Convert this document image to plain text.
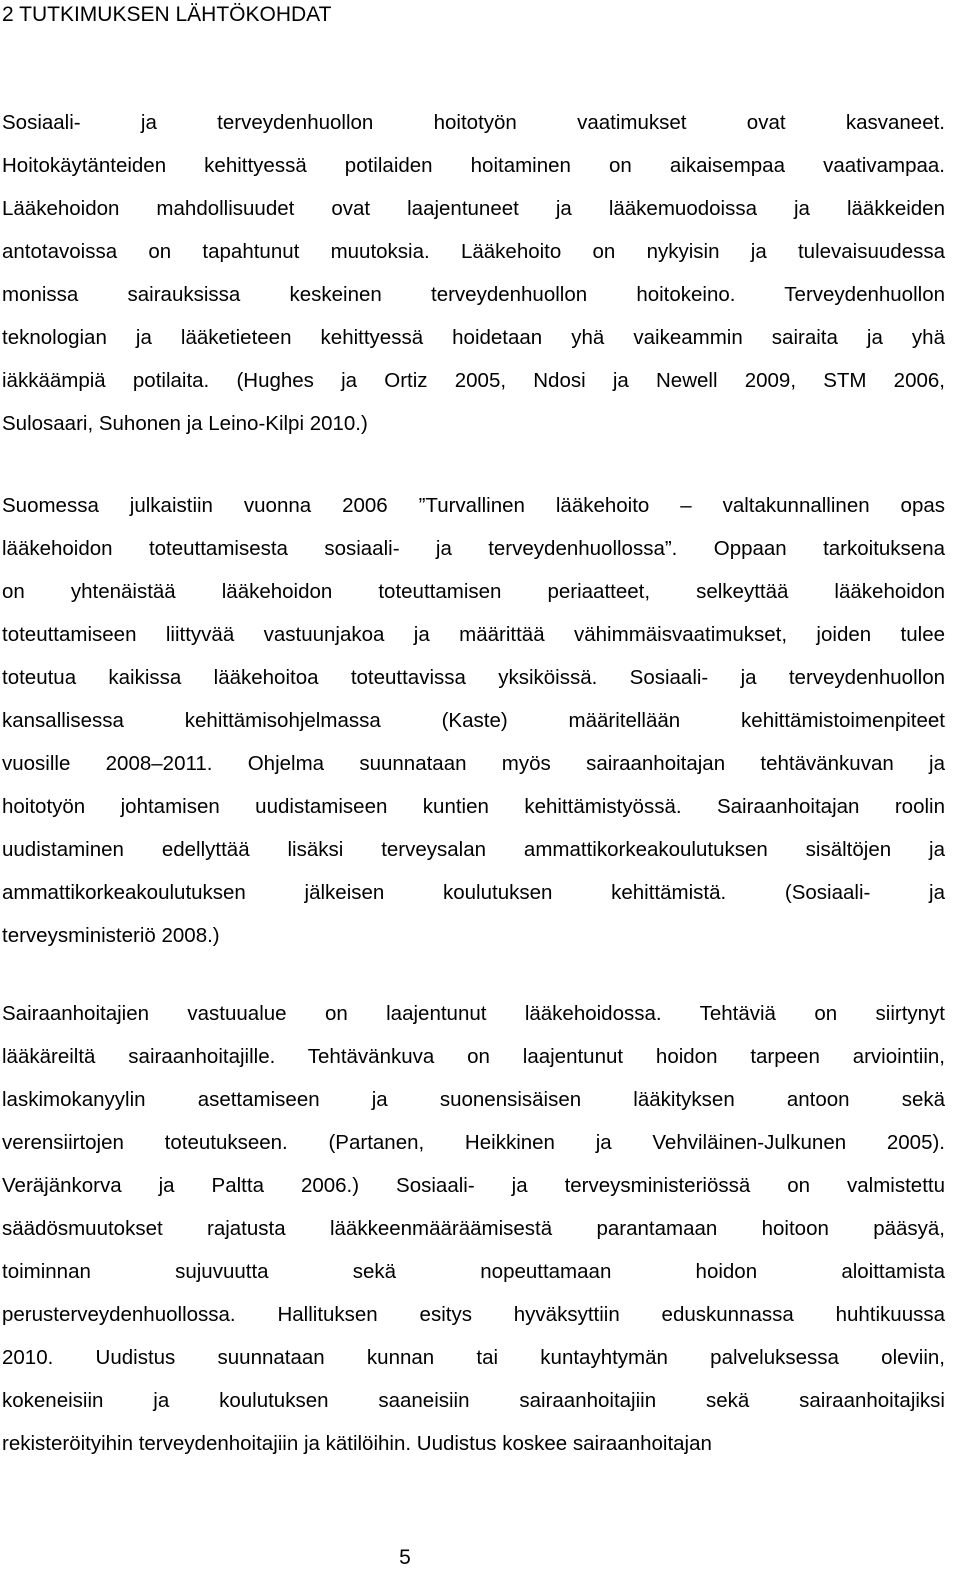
2 TUTKIMUKSEN LÄHTÖKOHDAT
Sosiaali- ja terveydenhuollon hoitotyön vaatimukset ovat kasvaneet.
Hoitokäytänteiden kehittyessä potilaiden hoitaminen on aikaisempaa vaativampaa.
Lääkehoidon mahdollisuudet ovat laajentuneet ja lääkemuodoissa ja lääkkeiden
antotavoissa on tapahtunut muutoksia. Lääkehoito on nykyisin ja tulevaisuudessa
monissa sairauksissa keskeinen terveydenhuollon hoitokeino. Terveydenhuollon
teknologian ja lääketieteen kehittyessä hoidetaan yhä vaikeammin sairaita ja yhä
iäkkäämpiä potilaita. (Hughes ja Ortiz 2005, Ndosi ja Newell 2009, STM 2006,
Sulosaari, Suhonen ja Leino-Kilpi 2010.)
Suomessa julkaistiin vuonna 2006 ”Turvallinen lääkehoito – valtakunnallinen opas
lääkehoidon toteuttamisesta sosiaali- ja terveydenhuollossa”. Oppaan tarkoituksena
on yhtenäistää lääkehoidon toteuttamisen periaatteet, selkeyttää lääkehoidon
toteuttamiseen liittyvää vastuunjakoa ja määrittää vähimmäisvaatimukset, joiden tulee
toteutua kaikissa lääkehoitoa toteuttavissa yksiköissä. Sosiaali- ja terveydenhuollon
kansallisessa kehittämisohjelmassa (Kaste) määritellään kehittämistoimenpiteet
vuosille 2008–2011. Ohjelma suunnataan myös sairaanhoitajan tehtävänkuvan ja
hoitotyön johtamisen uudistamiseen kuntien kehittämistyössä. Sairaanhoitajan roolin
uudistaminen edellyttää lisäksi terveysalan ammattikorkeakoulutuksen sisältöjen ja
ammattikorkeakoulutuksen jälkeisen koulutuksen kehittämistä. (Sosiaali- ja
terveysministeriö 2008.)
Sairaanhoitajien vastuualue on laajentunut lääkehoidossa. Tehtäviä on siirtynyt
lääkäreiltä sairaanhoitajille. Tehtävänkuva on laajentunut hoidon tarpeen arviointiin,
laskimokanyylin asettamiseen ja suonensisäisen lääkityksen antoon sekä
verensiirtojen toteutukseen. (Partanen, Heikkinen ja Vehviläinen-Julkunen 2005).
Veräjänkorva ja Paltta 2006.) Sosiaali- ja terveysministeriössä on valmistettu
säädösmuutokset rajatusta lääkkeenmääräämisestä parantamaan hoitoon pääsyä,
toiminnan sujuvuutta sekä nopeuttamaan hoidon aloittamista
perusterveydenhuollossa. Hallituksen esitys hyväksyttiin eduskunnassa huhtikuussa
2010. Uudistus suunnataan kunnan tai kuntayhtymän palveluksessa oleviin,
kokeneisiin ja koulutuksen saaneisiin sairaanhoitajiin sekä sairaanhoitajiksi
rekisteröityihin terveydenhoitajiin ja kätilöihin. Uudistus koskee sairaanhoitajan
5
